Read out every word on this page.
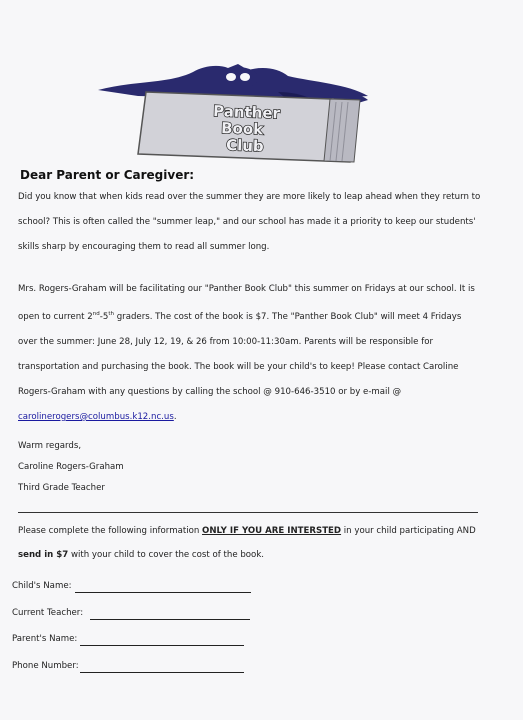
Panther
Book
Club
Dear Parent or Caregiver:

Did you know that when kids read over the summer they are more likely to leap ahead when they return to
school? This is often called the "summer leap," and our school has made it a priority to keep our students'
skills sharp by encouraging them to read all summer long.

Mrs. Rogers-Graham will be facilitating our "Panther Book Club" this summer on Fridays at our school. It is
open to current 2nd-5th graders. The cost of the book is $7. The "Panther Book Club" will meet 4 Fridays
over the summer: June 28, July 12, 19, & 26 from 10:00-11:30am. Parents will be responsible for
transportation and purchasing the book. The book will be your child's to keep! Please contact Caroline
Rogers-Graham with any questions by calling the school @ 910-646-3510 or by e-mail @
carolinerogers@columbus.k12.nc.us.

Warm regards,
Caroline Rogers-Graham
Third Grade Teacher
Please complete the following information ONLY IF YOU ARE INTERSTED in your child participating AND
send in $7 with your child to cover the cost of the book.
Child's Name:
Current Teacher:
Parent's Name:
Phone Number:
